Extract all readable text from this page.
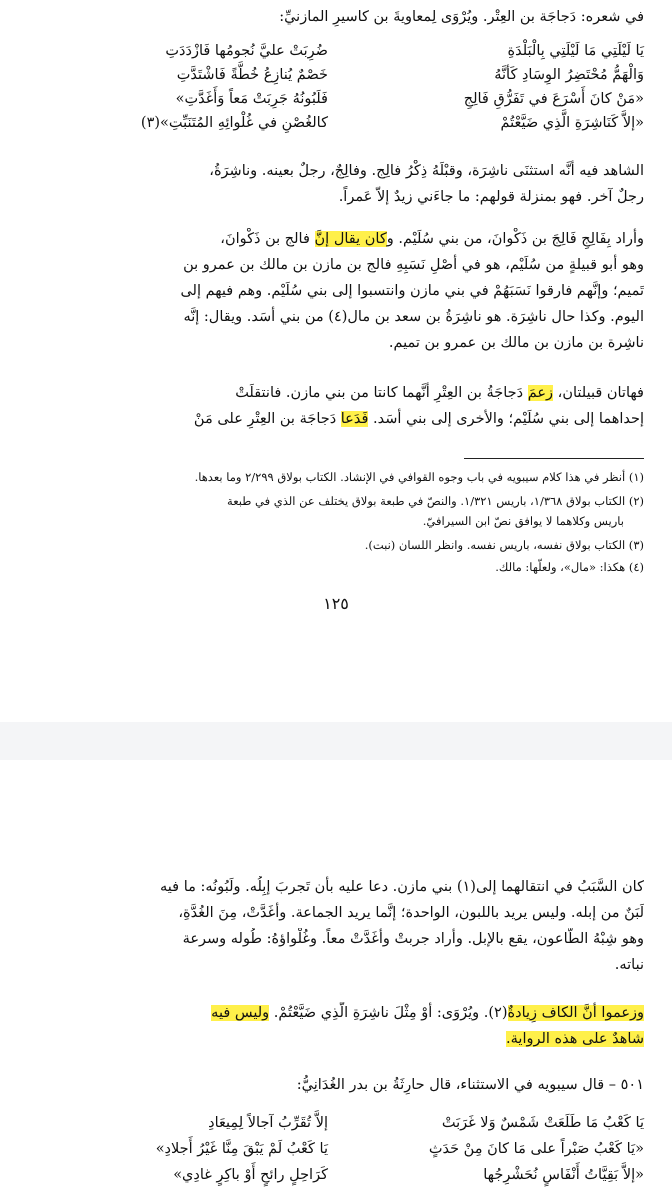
في شعره: دَجاجَة بن العِتْر. ويُرْوَى لِمعاويةَ بن كاسيرِ المازنيِّ:
يَا لَيْلَتِي مَا لَيْلَتِي بِالْبَلْدَةِ
ضُرِبَتْ عليَّ نُجومُها فَازْدَدَتِ
وَالْهَمُّ مُحْتَضِرُ الوِسَادِ كَأنَّهُ
خَصْمٌ يُنازِعُ خُطَّةً فَاشْتَدَّتِ
«مَنْ كانَ أَسْرَعَ في تَفَرُّقِ فَالِجِ
فَلَبُونُهُ جَرِبَتْ مَعاً وَأَغَدَّتِ»
«إلاَّ كَنَاشِرَةِ الَّذِي ضَيَّعْتُمْ
كالغُصْنِ في غُلْوائِهِ المُتَنَبِّتِ»(٣)
الشاهد فيه أنَّه استثنَى ناشِرَة، وقبْلَهُ ذِكْرُ فالِج. وفالِجٌ، رجلٌ بعينه. وناشِرَةُ،
رجلٌ آخر. فهو بمنزلة قولهم: ما جاءَني زيدٌ إلاَّ عَمراً.
وأراد بِفَالِجِ فَالِجَ بن ذَكْوانَ، من بني سُلَيْم. وكان يقال إنَّ فالج بن ذَكْوانَ،
وهو أبو قبيلةٍ من سُلَيْم، هو في أَصْلِ نَسَبِهِ فالج بن مازن بن مالك بن عمرو بن
تَميم؛ وإنَّهم فارقوا نَسَبَهُمْ في بني مازن وانتسبوا إلى بني سُلَيْم. وهم فيهم إلى
اليوم. وكذا حال ناشِرَة. هو ناشِرَةُ بن سعد بن مال(٤) من بني أَسَد. ويقال: إنَّه
ناشِرة بن مازن بن مالك بن عمرو بن تميم.
فهاتان قبيلتان، زعمَ دَجاجَةُ بن العِتْرِ أنَّهما كانتا من بني مازن. فانتقلَتْ
إحداهما إلى بني سُلَيْم؛ والأخرى إلى بني أَسَد. فَدَعا دَجاجَة بن العِتْرِ على مَنْ
(١) أنظر في هذا كلام سيبويه في باب وجوه القوافي في الإنشاد. الكتاب بولاق ٢/٢٩٩ وما بعدها.
(٢) الكتاب بولاق ١/٣٦٨، باريس ١/٣٢١. والنصّ في طبعة بولاق يختلف عن الذي في طبعة
باريس وكلاهما لا يوافق نصّ ابن السيرافيّ.
(٣) الكتاب بولاق نفسه، باريس نفسه. وانظر اللسان (نبت).
(٤) هكذا: «مال»، ولعلّها: مالك.
١٢٥
كان السَّبَبُ في انتقالهما إلى(١) بني مازن. دعا عليه بأن تَجربَ إبِلُه. ولَبُونُه: ما فيه
لَبَنٌ من إبله. وليس يريد باللبون، الواحدة؛ إنَّما يريد الجماعة. وأَغَدَّتْ، مِنَ الغُدَّةِ،
وهو شِبْهُ الطَّاعون، يقع بالإبل. وأراد جربتْ وأَغَدَّتْ معاً. وغُلْواؤهُ: طُوله وسرعة
نباته.
وزعموا أنَّ الكاف زِيادةٌ(٢). ويُرْوَى: أَوْ مِثْلَ ناشِرَةِ الَّذِي ضَيَّعْتُمْ. وليس فيه
شاهدٌ على هذه الرواية.
٥٠١ – قال سيبويه في الاستثناء، قال حارِثَةُ بن بدر الغُدَانِيُّ:
يَا كَعْبُ مَا طَلَعَتْ شَمْسٌ وَلا غَرَبَتْ
إلاَّ تُقَرِّبُ آجالاً لِمِيعَادِ
«يَا كَعْبُ صَبْراً على مَا كانَ مِنْ حَدَثٍ
يَا كَعْبُ لَمْ يَبْقَ مِنَّا غَيْرُ أَجلادِ»
«إلاَّ بَقِيَّاتُ أَنْفَاسٍ نُحَشْرِجُها
كَرَاحِلٍ رائحٍ أَوْ باكِرٍ غادِي»
